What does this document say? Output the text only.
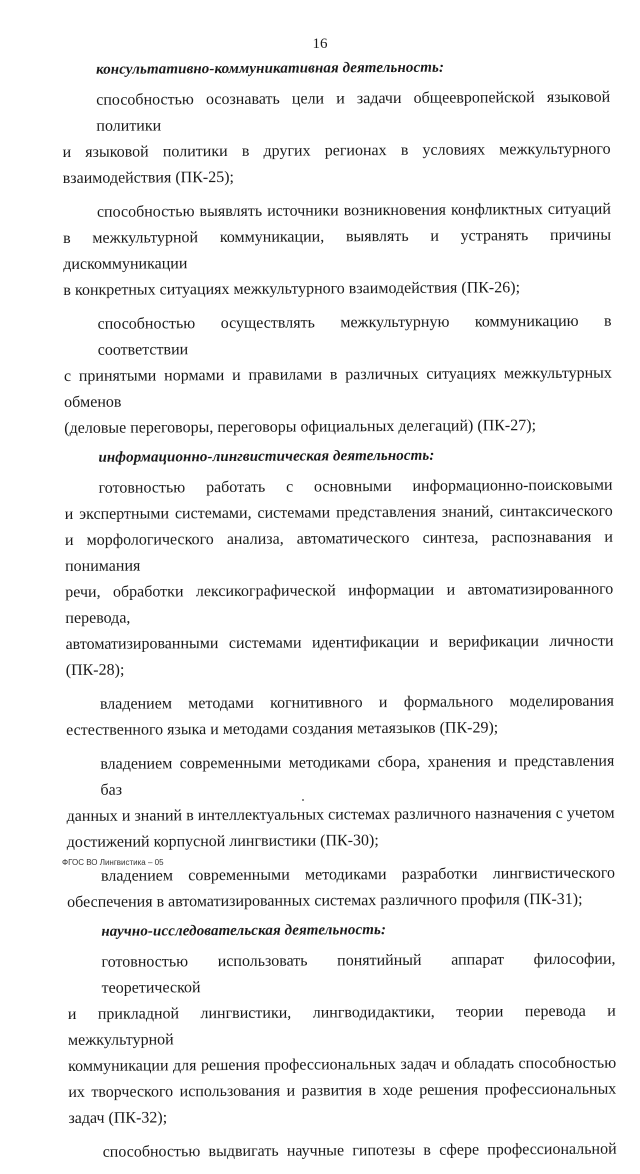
16
консультативно-коммуникативная деятельность:
способностью осознавать цели и задачи общеевропейской языковой политики
и языковой политики в других регионах в условиях межкультурного
взаимодействия (ПК-25);
способностью выявлять источники возникновения конфликтных ситуаций
в межкультурной коммуникации, выявлять и устранять причины дискоммуникации
в конкретных ситуациях межкультурного взаимодействия (ПК-26);
способностью осуществлять межкультурную коммуникацию в соответствии
с принятыми нормами и правилами в различных ситуациях межкультурных обменов
(деловые переговоры, переговоры официальных делегаций) (ПК-27);
информационно-лингвистическая деятельность:
готовностью работать с основными информационно-поисковыми
и экспертными системами, системами представления знаний, синтаксического
и морфологического анализа, автоматического синтеза, распознавания и понимания
речи, обработки лексикографической информации и автоматизированного перевода,
автоматизированными системами идентификации и верификации личности (ПК-28);
владением методами когнитивного и формального моделирования
естественного языка и методами создания метаязыков (ПК-29);
владением современными методиками сбора, хранения и представления баз
данных и знаний в интеллектуальных системах различного назначения с учетом
достижений корпусной лингвистики (ПК-30);
владением современными методиками разработки лингвистического
обеспечения в автоматизированных системах различного профиля (ПК-31);
научно-исследовательская деятельность:
готовностью использовать понятийный аппарат философии, теоретической
и прикладной лингвистики, лингводидактики, теории перевода и межкультурной
коммуникации для решения профессиональных задач и обладать способностью
их творческого использования и развития в ходе решения профессиональных
задач (ПК-32);
способностью выдвигать научные гипотезы в сфере профессиональной
ФГОС ВО Лингвистика – 05
